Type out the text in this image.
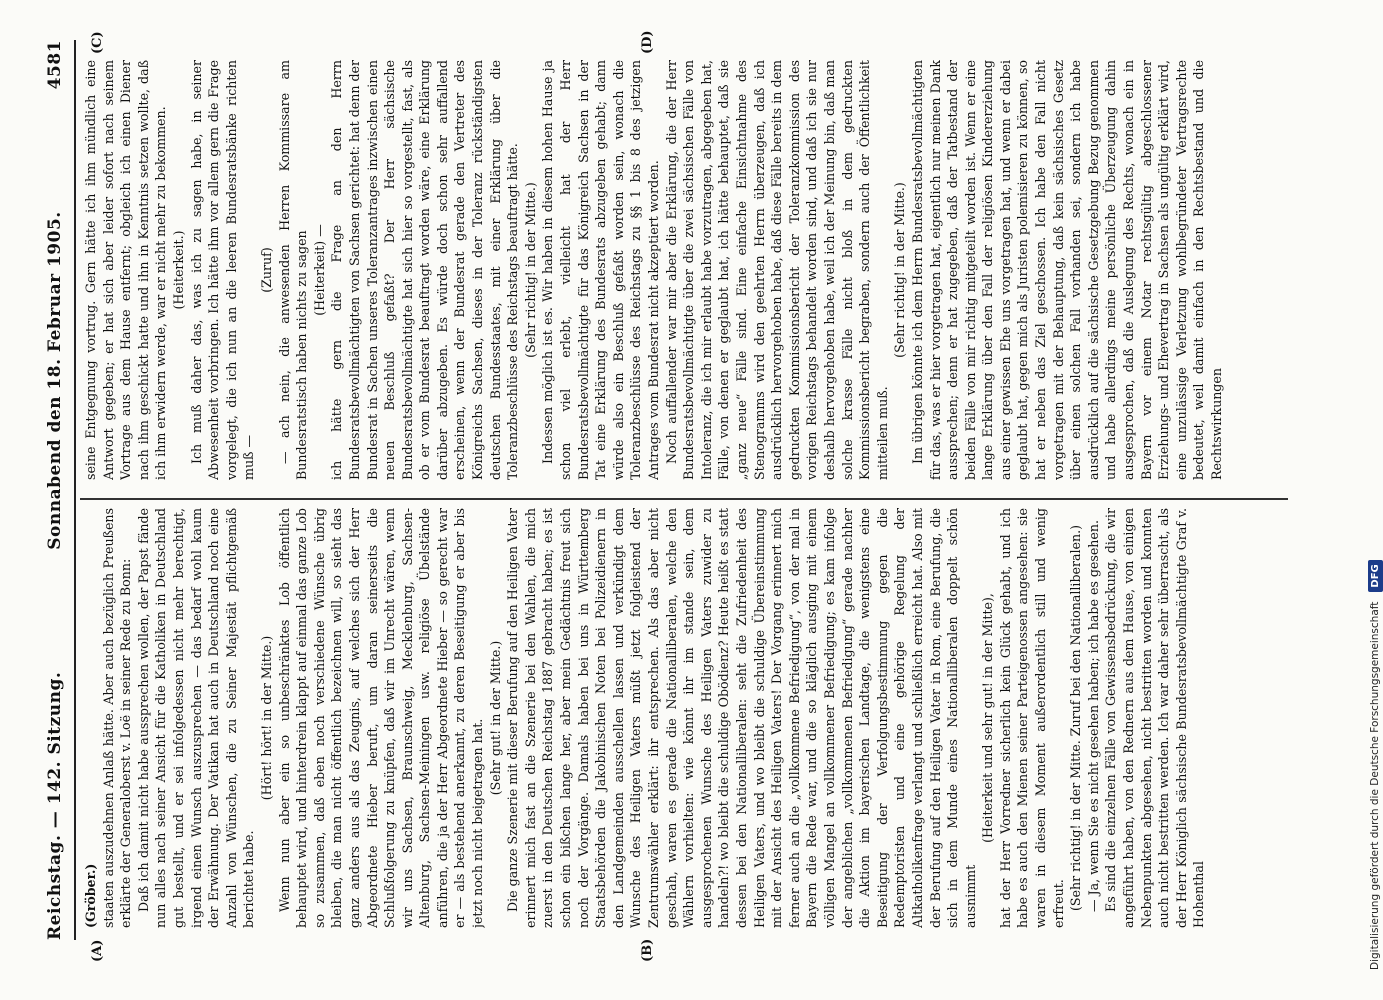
Reichstag. — 142. Sitzung.
Sonnabend den 18. Februar 1905.
4581
(A)	(B)
(C)	(D)
(Gröber.) staaten auszudehnen Anlaß hätte. Aber auch bezüglich Preußens erklärte der Generaloberst v. Loë in seiner Rede zu Bonn: Daß ich damit nicht habe aussprechen wollen, der Papst fände nun alles nach seiner Ansicht für die Katholiken in Deutschland gut bestellt, und er sei infolgedessen nicht mehr berechtigt, irgend einen Wunsch auszusprechen — das bedarf wohl kaum der Erwähnung. Der Vatikan hat auch in Deutschland noch eine Anzahl von Wünschen, die zu Seiner Majestät pflichtgemäß berichtet habe.

(Hört! hört! in der Mitte.) Wenn nun aber ein so unbeschränktes Lob öffentlich behauptet wird, und hinterdrein klappt auf einmal das ganze Lob so zusammen, daß eben noch verschiedene Wünsche übrig bleiben, die man nicht öffentlich bezeichnen will, so sieht das ganz anders aus als das Zeugnis, auf welches sich der Herr Abgeordnete Hieber beruft, um daran seinerseits die Schlußfolgerung zu knüpfen, daß wir im Unrecht wären, wenn wir uns Sachsen, Braunschweig, Mecklenburg, Sachsen-Altenburg, Sachsen-Meiningen usw. religiöse Übelstände anführen, die ja der Herr Abgeordnete Hieber — so gerecht war er — als bestehend anerkannt, zu deren Beseitigung er aber bis jetzt noch nicht beigetragen hat.

(Sehr gut! in der Mitte.) Die ganze Szenerie mit dieser Berufung auf den Heiligen Vater erinnert mich fast an die Szenerie bei den Wahlen, die mich zuerst in den Deutschen Reichstag 1887 gebracht haben; es ist schon ein bißchen lange her, aber mein Gedächtnis freut sich noch der Vorgänge. Damals haben bei uns in Württemberg Staatsbehörden die Jakobinischen Noten bei Polizeidienern in den Landgemeinden ausschellen lassen und verkündigt dem Wunsche des Heiligen Vaters müßt jetzt folgleistend der Zentrumswähler erklärt: ihr entsprechen. Als das aber nicht geschah, waren es gerade die Nationalliberalen, welche den Wählern vorhielten: wie könnt ihr im stande sein, dem ausgesprochenen Wunsche des Heiligen Vaters zuwider zu handeln?! wo bleibt die schuldige Obödienz? Heute heißt es statt dessen bei den Nationalliberalen: seht die Zufriedenheit des Heiligen Vaters, und wo bleibt die schuldige Übereinstimmung mit der Ansicht des Heiligen Vaters! Der Vorgang erinnert mich ferner auch an die „vollkommene Befriedigung“, von der mal in Bayern die Rede war, und die so kläglich ausging mit einem völligen Mangel an vollkommener Befriedigung; es kam infolge der angeblichen „vollkommenen Befriedigung“ gerade nachher die Aktion im bayerischen Landtage, die wenigstens eine Beseitigung der Verfolgungsbestimmung gegen die Redemptoristen und eine gehörige Regelung der Altkatholikenfrage verlangt und schließlich erreicht hat. Also mit der Berufung auf den Heiligen Vater in Rom, eine Berufung, die sich in dem Munde eines Nationalliberalen doppelt schön ausnimmt

(Heiterkeit und sehr gut! in der Mitte), hat der Herr Vorredner sicherlich kein Glück gehabt, und ich habe es auch den Mienen seiner Parteigenossen angesehen: sie waren in diesem Moment außerordentlich still und wenig erfreut. (Sehr richtig! in der Mitte. Zuruf bei den Nationalliberalen.) — Ja, wenn Sie es nicht gesehen haben; ich habe es gesehen. Es sind die einzelnen Fälle von Gewissensbedrückung, die wir angeführt haben, von den Rednern aus dem Hause, von einigen Nebenpunkten abgesehen, nicht bestritten worden und konnten auch nicht bestritten werden. Ich war daher sehr überrascht, als der Herr Königlich sächsische Bundesratsbevollmächtigte Graf v. Hohenthal

seine Entgegnung vortrug. Gern hätte ich ihm mündlich eine Antwort gegeben; er hat sich aber leider sofort nach seinem Vortrage aus dem Hause entfernt; obgleich ich einen Diener nach ihm geschickt hatte und ihn in Kenntnis setzen wollte, daß ich ihm erwidern werde, war er nicht mehr zu bekommen. (Heiterkeit.) Ich muß daher das, was ich zu sagen habe, in seiner Abwesenheit vorbringen. Ich hätte ihm vor allem gern die Frage vorgelegt, die ich nun an die leeren Bundesratsbänke richten muß —

(Zuruf) — ach nein, die anwesenden Herren Kommissare am Bundesratstisch haben nichts zu sagen (Heiterkeit) — ich hätte gern die Frage an den Herrn Bundesratsbevollmächtigten von Sachsen gerichtet: hat denn der Bundesrat in Sachen unseres Toleranzantrages inzwischen einen neuen Beschluß gefaßt? Der Herr sächsische Bundesratsbevollmächtigte hat sich hier so vorgestellt, fast, als ob er vom Bundesrat beauftragt worden wäre, eine Erklärung darüber abzugeben. Es würde doch schon sehr auffallend erscheinen, wenn der Bundesrat gerade den Vertreter des Königreichs Sachsen, dieses in der Toleranz rückständigsten deutschen Bundesstaates, mit einer Erklärung über die Toleranzbeschlüsse des Reichstags beauftragt hätte. (Sehr richtig! in der Mitte.) Indessen möglich ist es. Wir haben in diesem hohen Hause ja schon viel erlebt, vielleicht hat der Herr Bundesratsbevollmächtigte für das Königreich Sachsen in der Tat eine Erklärung des Bundesrats abzugeben gehabt; dann würde also ein Beschluß gefaßt worden sein, wonach die Toleranzbeschlüsse des Reichstags zu §§ 1 bis 8 des jetzigen Antrages vom Bundesrat nicht akzeptiert worden. Noch auffallender war mir aber die Erklärung, die der Herr Bundesratsbevollmächtigte über die zwei sächsischen Fälle von Intoleranz, die ich mir erlaubt habe vorzutragen, abgegeben hat, Fälle, von denen er geglaubt hat, ich hätte behauptet, daß sie „ganz neue“ Fälle sind. Eine einfache Einsichtnahme des Stenogramms wird den geehrten Herrn überzeugen, daß ich ausdrücklich hervorgehoben habe, daß diese Fälle bereits in dem gedruckten Kommissionsbericht der Toleranzkommission des vorigen Reichstags behandelt worden sind, und daß ich sie nur deshalb hervorgehoben habe, weil ich der Meinung bin, daß man solche krasse Fälle nicht bloß in dem gedruckten Kommissionsbericht begraben, sondern auch der Öffentlichkeit mitteilen muß.

(Sehr richtig! in der Mitte.) Im übrigen könnte ich dem Herrn Bundesratsbevollmächtigten für das, was er hier vorgetragen hat, eigentlich nur meinen Dank aussprechen; denn er hat zugegeben, daß der Tatbestand der beiden Fälle von mir richtig mitgeteilt worden ist. Wenn er eine lange Erklärung über den Fall der religiösen Kindererziehung aus einer gewissen Ehe uns vorgetragen hat, und wenn er dabei geglaubt hat, gegen mich als Juristen polemisieren zu können, so hat er neben das Ziel geschossen. Ich habe den Fall nicht vorgetragen mit der Behauptung, daß kein sächsisches Gesetz über einen solchen Fall vorhanden sei, sondern ich habe ausdrücklich auf die sächsische Gesetzgebung Bezug genommen und habe allerdings meine persönliche Überzeugung dahin ausgesprochen, daß die Auslegung des Rechts, wonach ein in Bayern vor einem Notar rechtsgültig abgeschlossener Erziehungs- und Ehevertrag in Sachsen als ungültig erklärt wird, eine unzulässige Verletzung wohlbegründeter Vertragsrechte bedeutet, weil damit einfach in den Rechtsbestand und die Rechtswirkungen

Digitalisierung gefördert durch die Deutsche Forschungsgemeinschaft
DFG
